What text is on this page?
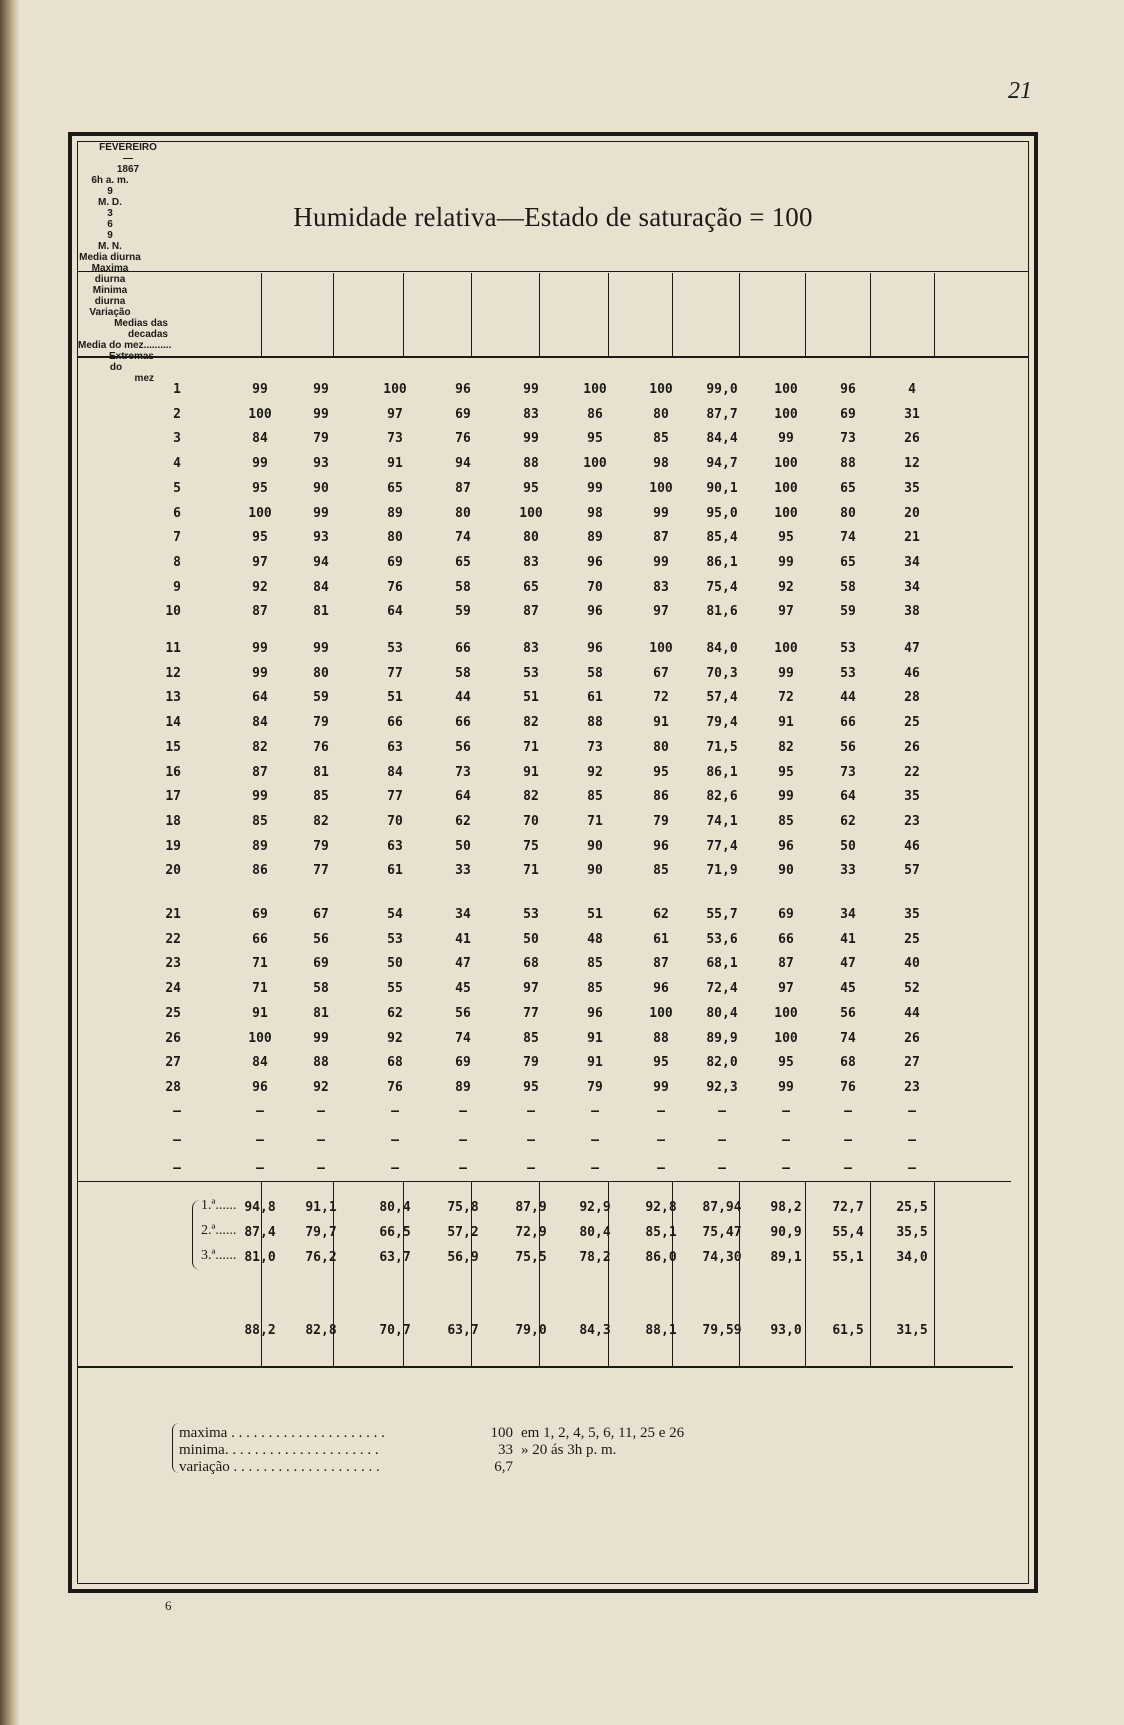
21
Humidade relativa—Estado de saturação = 100
FEVEREIRO
—
1867
6h a. m.
9
M. D.
3
6
9
M. N.
Media diurna
Maxima diurna
Minima diurna
Variação
1	99	99	100	96	99	100	100	99,0	100	96	4
2	100	99	97	69	83	86	80	87,7	100	69	31
3	84	79	73	76	99	95	85	84,4	99	73	26
4	99	93	91	94	88	100	98	94,7	100	88	12
5	95	90	65	87	95	99	100	90,1	100	65	35
6	100	99	89	80	100	98	99	95,0	100	80	20
7	95	93	80	74	80	89	87	85,4	95	74	21
8	97	94	69	65	83	96	99	86,1	99	65	34
9	92	84	76	58	65	70	83	75,4	92	58	34
10	87	81	64	59	87	96	97	81,6	97	59	38
11	99	99	53	66	83	96	100	84,0	100	53	47
12	99	80	77	58	53	58	67	70,3	99	53	46
13	64	59	51	44	51	61	72	57,4	72	44	28
14	84	79	66	66	82	88	91	79,4	91	66	25
15	82	76	63	56	71	73	80	71,5	82	56	26
16	87	81	84	73	91	92	95	86,1	95	73	22
17	99	85	77	64	82	85	86	82,6	99	64	35
18	85	82	70	62	70	71	79	74,1	85	62	23
19	89	79	63	50	75	90	96	77,4	96	50	46
20	86	77	61	33	71	90	85	71,9	90	33	57
21	69	67	54	34	53	51	62	55,7	69	34	35
22	66	56	53	41	50	48	61	53,6	66	41	25
23	71	69	50	47	68	85	87	68,1	87	47	40
24	71	58	55	45	97	85	96	72,4	97	45	52
25	91	81	62	56	77	96	100	80,4	100	56	44
26	100	99	92	74	85	91	88	89,9	100	74	26
27	84	88	68	69	79	91	95	82,0	95	68	27
28	96	92	76	89	95	79	99	92,3	99	76	23
—	—	—	—	—	—	—	—	—	—	—	—
—	—	—	—	—	—	—	—	—	—	—	—
—	—	—	—	—	—	—	—	—	—	—	—
Medias das
decadas
1.ª...... 94,8	91,1	80,4	75,8	87,9	92,9	92,8	87,94	98,2	72,7	25,5
2.ª...... 87,4	79,7	66,5	57,2	72,9	80,4	85,1	75,47	90,9	55,4	35,5
3.ª...... 81,0	76,2	63,7	56,9	75,5	78,2	86,0	74,30	89,1	55,1	34,0
Media do mez..........
88,2	82,8	70,7	63,7	79,0	84,3	88,1	79,59	93,0	61,5	31,5
Extremas
do
mez
maxima . . . . . . . . . . . . . . . . . . . . .	100 em 1, 2, 4, 5, 6, 11, 25 e 26
minima. . . . . . . . . . . . . . . . . . . . .	33 » 20 ás 3h p. m.
variação . . . . . . . . . . . . . . . . . . . .	6,7
6
